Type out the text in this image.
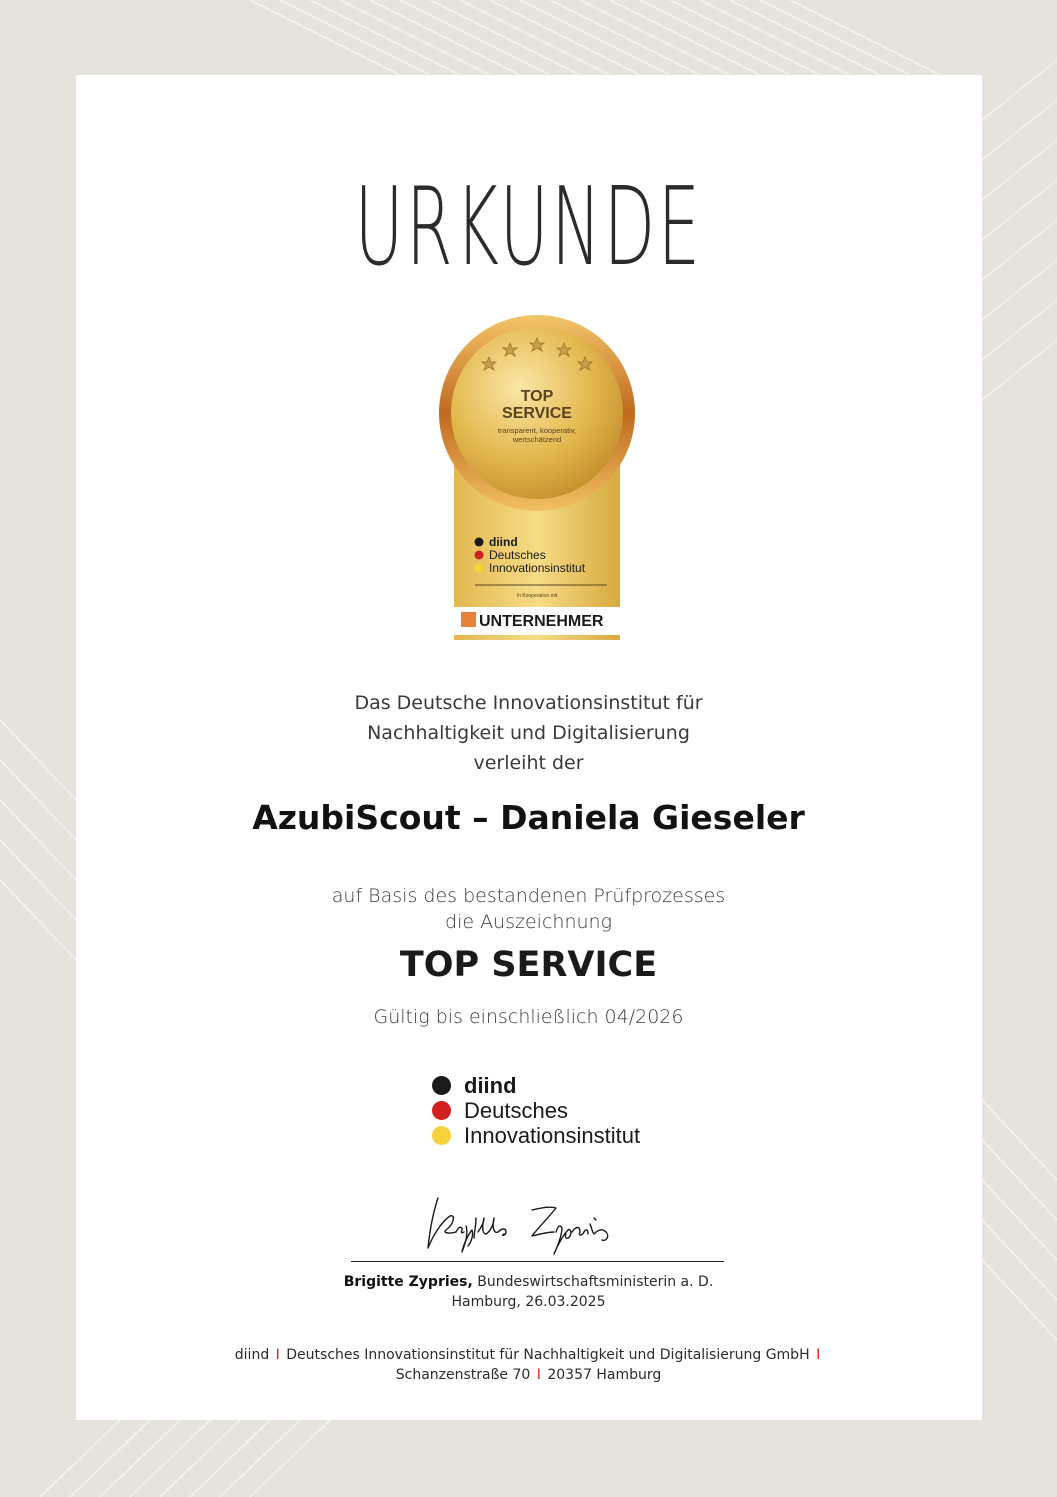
URKUNDE
TOP
SERVICE
transparent, kooperativ,
wertschätzend
diind
Deutsches
Innovationsinstitut
In Kooperation mit
UNTERNEHMER
Das Deutsche Innovationsinstitut für
Nachhaltigkeit und Digitalisierung
verleiht der
AzubiScout – Daniela Gieseler
auf Basis des bestandenen Prüfprozesses
die Auszeichnung
TOP SERVICE
Gültig bis einschließlich 04/2026
diind
Deutsches
Innovationsinstitut
Brigitte Zypries, Bundeswirtschaftsministerin a. D.
Hamburg, 26.03.2025
diind I Deutsches Innovationsinstitut für Nachhaltigkeit und Digitalisierung GmbH I
Schanzenstraße 70 I 20357 Hamburg
